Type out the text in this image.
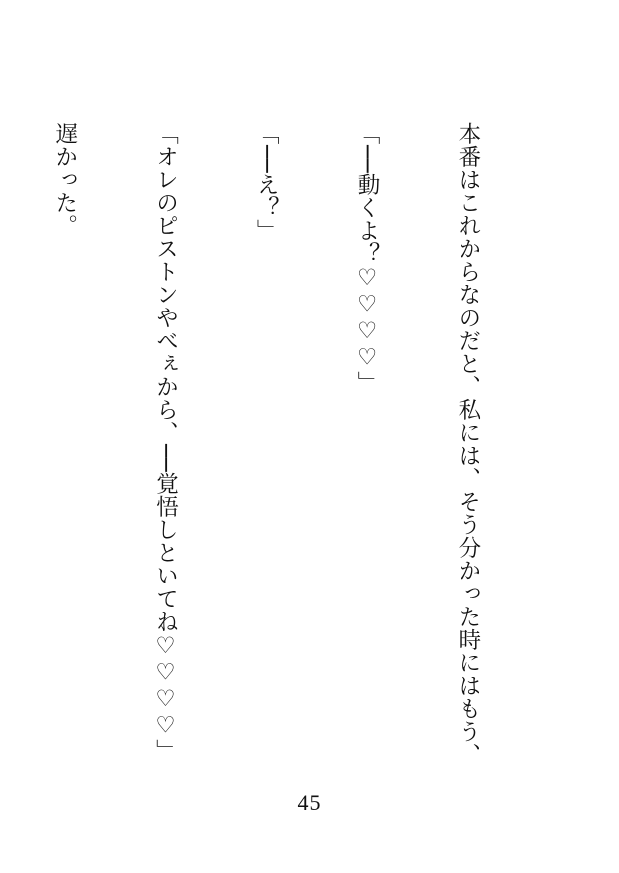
本番はこれからなのだと、私には、そう分かった時にはもう、

「──動くよ？♡♡♡♡」

「──え？」

「オレのピストンやべぇから、──覚悟しといてね♡♡♡♡」

遅かった。

45
